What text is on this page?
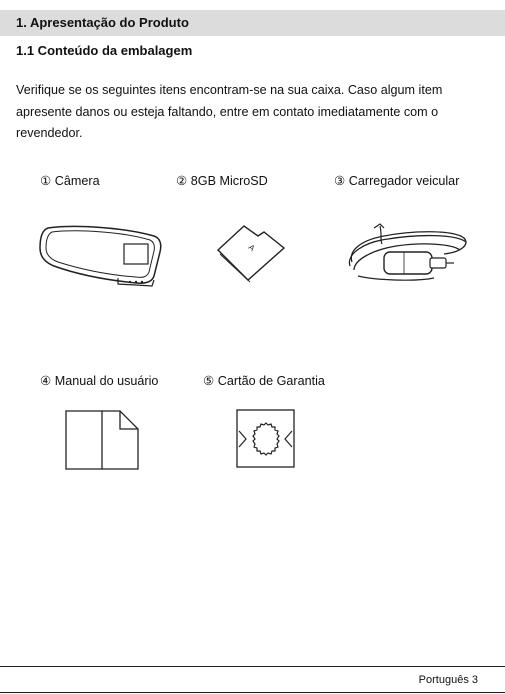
1. Apresentação do Produto
1.1 Conteúdo da embalagem
Verifique se os seguintes itens encontram-se na sua caixa. Caso algum item apresente danos ou esteja faltando, entre em contato imediatamente com o revendedor.
① Câmera	② 8GB MicroSD
A
③ Carregador veicular
④ Manual do usuário	⑤ Cartão de Garantia
Português 3
